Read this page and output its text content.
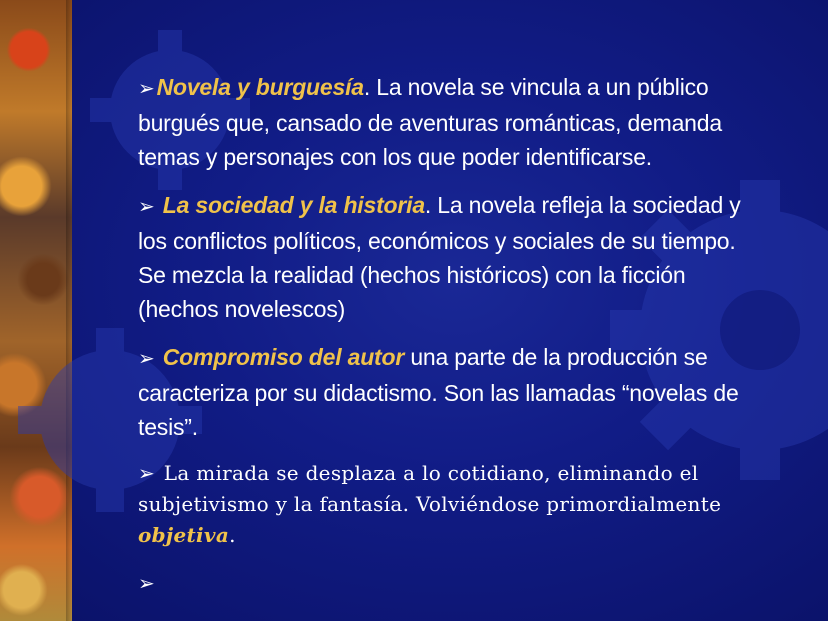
➢Novela y burguesía. La novela se vincula a un público burgués que, cansado de aventuras románticas, demanda temas y personajes con los que poder identificarse.

➢ La sociedad y la historia. La novela refleja la sociedad y los conflictos políticos, económicos y sociales de su tiempo. Se mezcla la realidad (hechos históricos) con la ficción (hechos novelescos)

➢ Compromiso del autor una parte de la producción se caracteriza por su didactismo. Son las llamadas “novelas de tesis”.

➢ La mirada se desplaza a lo cotidiano, eliminando el subjetivismo y la fantasía. Volviéndose primordialmente objetiva.

➢
